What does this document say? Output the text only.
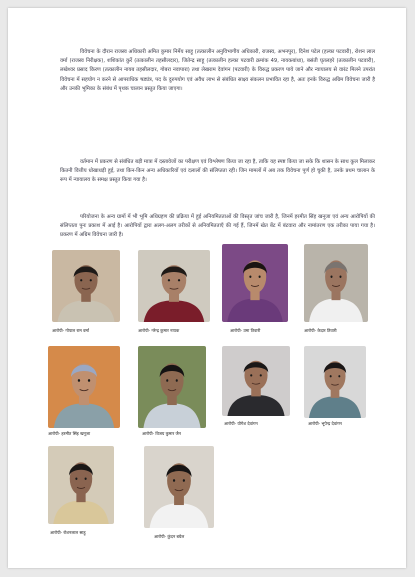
विवेचना के दौरान राजस्व अधिकारी अमित कुमार निर्मेय साहू (तत्कालीन अनुविभागीय अधिकारी, राजस्व, अभनपुर), दिनेश पटेल (हल्का पटवारी), रोशन लाल वर्मा (राजस्व निरीक्षक), शशिकांत कुर्रे (तत्कालीन तहसीलदार), जितेन्द्र साहू (तत्कालीन हल्का पटवारी क्रमांक 49, नायकबांधा), बसंती घृतलहरे (तत्कालीन पटवारी), लखेश्वर प्रसाद किरण (तत्कालीन नायब तहसीलदार, गोबरा नवापारा) तथा लेखराम देवांगन (पटवारी) के विरुद्ध प्रकरण पाये जाने और न्यायालय से वारंट मिलने उपरांत विवेचना में सहयोग न करने से आपराधिक षड्यंत्र, पद के दुरुपयोग एवं अवैध लाभ से संबंधित साक्ष्य संकलन प्रभावित रहा है, अतः इनके विरुद्ध अग्रिम विवेचना जारी है और उनकी भूमिका के संबंध में पृथक चालान प्रस्तुत किया जाएगा।
वर्तमान में प्रकरण से संबंधित बड़ी मात्रा में दस्तावेजों का परीक्षण एवं विश्लेषण किया जा रहा है, ताकि यह स्पष्ट किया जा सके कि शासन के साथ कुल मिलाकर कितनी वित्तीय धोखाधड़ी हुई, तथा किन-किन अन्य अधिकारियों एवं दलालों की संलिप्तता रही। जिन मामलों में अब तक विवेचना पूर्ण हो चुकी है, उनके प्रथम चालान के रूप में न्यायालय के समक्ष प्रस्तुत किया गया है।
परियोजना के अन्य ग्रामों में भी भूमि अधिग्रहण की प्रक्रिया में हुई अनियमितताओं की विस्तृत जांच जारी है, जिनमें हरमीत सिंह खनूजा एवं अन्य आरोपियों की संलिप्तता पुनः प्रकाश में आई है। आरोपियों द्वारा अलग-अलग तरीकों से अनियमितताएँ की गई हैं, जिनमें खेत बेंट में बंटवारा और नामांतरण एक तरीका पाया गया है। प्रकरण में अग्रिम विवेचना जारी है।
आरोपी- गोपाल राम वर्मा	आरोपी- नरेन्द्र कुमार नायक	आरोपी- उमा तिवारी	आरोपी- केदार तिवारी
आरोपी- हरमीत सिंह खनूजा	आरोपी- विजय कुमार जैन
आरोपी- योगेश देवांगन	आरोपी- भूपेन्द्र देवांगन
आरोपी- रोशनलाल साहू
आरोपी- कुंदन बघेल
